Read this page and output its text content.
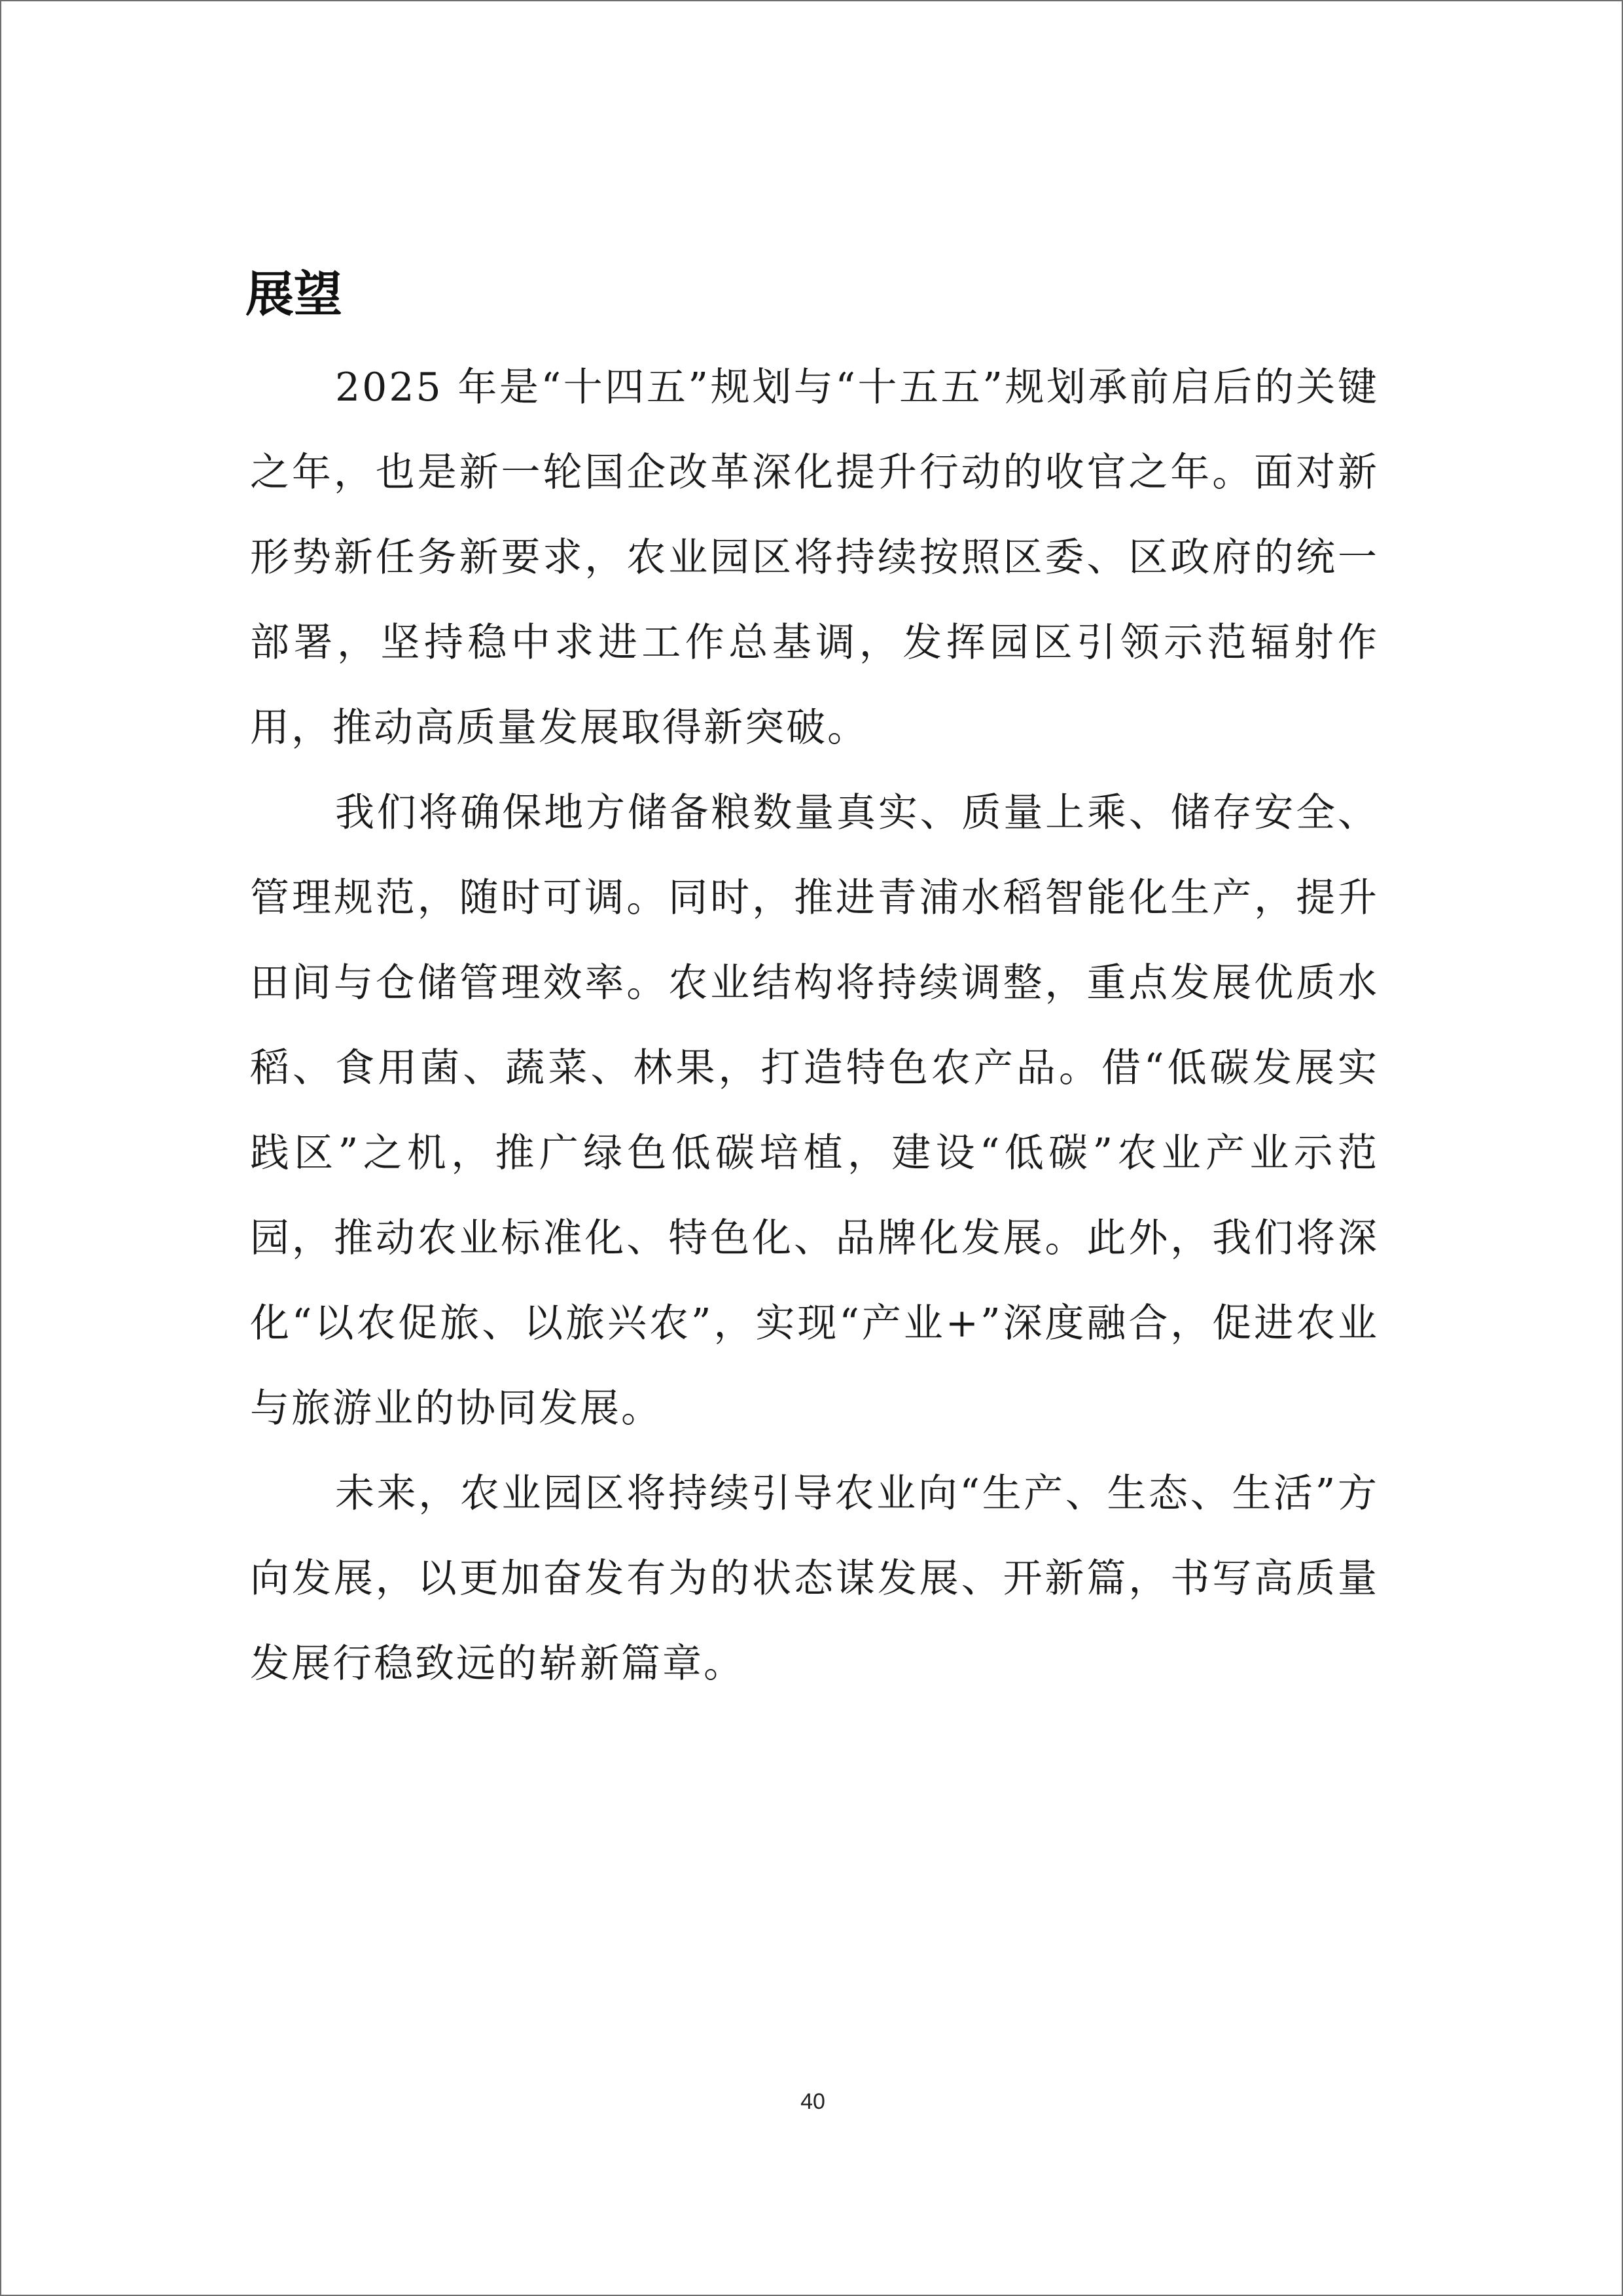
展望

2025 年是“十四五”规划与“十五五”规划承前启后的关键之年，也是新一轮国企改革深化提升行动的收官之年。面对新形势新任务新要求，农业园区将持续按照区委、区政府的统一部署，坚持稳中求进工作总基调，发挥园区引领示范辐射作用，推动高质量发展取得新突破。

我们将确保地方储备粮数量真实、质量上乘、储存安全、管理规范，随时可调。同时，推进青浦水稻智能化生产，提升田间与仓储管理效率。农业结构将持续调整，重点发展优质水稻、食用菌、蔬菜、林果，打造特色农产品。借“低碳发展实践区”之机，推广绿色低碳培植，建设“低碳”农业产业示范园，推动农业标准化、特色化、品牌化发展。此外，我们将深化“以农促旅、以旅兴农”，实现“产业+”深度融合，促进农业与旅游业的协同发展。

未来，农业园区将持续引导农业向“生产、生态、生活”方向发展，以更加奋发有为的状态谋发展、开新篇，书写高质量发展行稳致远的崭新篇章。

40
